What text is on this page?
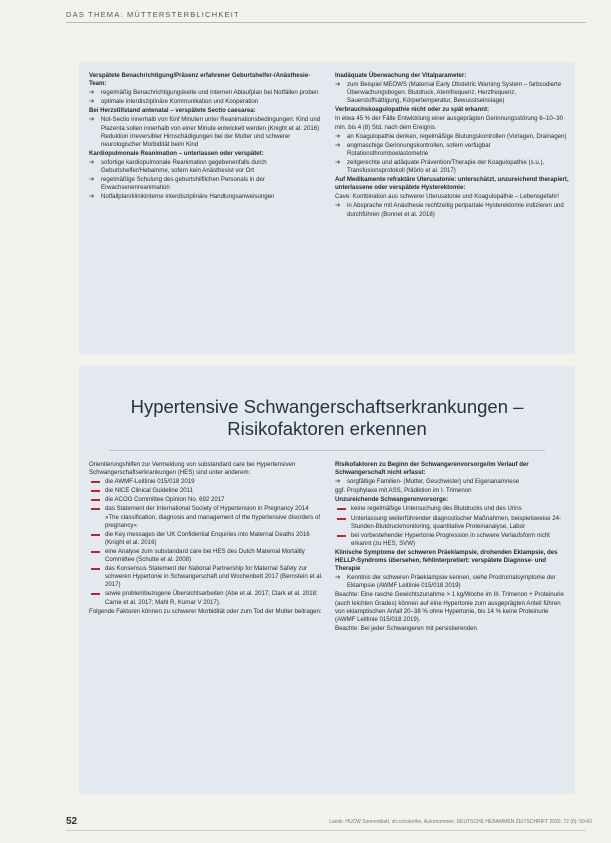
DAS THEMA: MÜTTERSTERBLICHKEIT
Verspätete Benachrichtigung/Präsenz erfahrener Geburtshelfer-/Anästhesie-Team:
➔ regelmäßig Benachrichtigungskette und internen Ablaufplan bei Notfällen proben
➔ optimale interdisziplinäre Kommunikation und Kooperation
Bei Herzstillstand antenatal – verspätete Sectio caesarea:
➔ Not-Sectio innerhalb von fünf Minuten unter Reanimationsbedingungen: Kind und Plazenta sollen innerhalb von einer Minute entwickelt werden (Knight et al. 2016) Reduktion irreversibler Hirnschädigungen bei der Mutter und schwerer neurologischer Morbidität beim Kind
Kardiopulmonale Reanimation – unterlassen oder verspätet:
➔ sofortige kardiopulmonale Reanimation gegebenenfalls durch Geburtshelfer/Hebamme, sofern kein Anästhesist vor Ort
➔ regelmäßige Schulung des geburtshilflichen Personals in der Erwachsenenreanimation
➔ Notfallplan/klinikinterne interdisziplinäre Handlungsanweisungen
Inadäquate Überwachung der Vitalparameter:
➔ zum Beispiel MEOWS (Maternal Early Obstetric Warning System – farbcodierte Überwachungsbogen: Blutdruck, Atemfrequenz, Herzfrequenz, Sauerstoffsättigung, Körpertemperatur, Bewusstseinslage)
Verbrauchskoagulopathie nicht oder zu spät erkannt:
In etwa 45 % der Fälle Entwicklung einer ausgeprägten Gerinnungsstörung 6–10–30 min. bis 4 (8) Std. nach dem Ereignis.
➔ an Koagulopathie denken, regelmäßige Blutungskontrollen (Vorlagen, Drainagen)
➔ engmaschige Gerinnungskontrollen, sofern verfügbar Rotationsthromboelastometrie
➔ zeitgerechte und adäquate Prävention/Therapie der Koagulopathie (s.u.), Transfusionsprotokoll (Mörlo et al. 2017)
Auf Medikamente refraktäre Uterusatonie: unterschätzt, unzureichend therapiert, unterlassene oder verspätete Hysterektomie:
Cave: Kombination aus schwerer Uterusatonie und Koagulopathie – Lebensgefahr!
➔ in Absprache mit Anästhesie rechtzeitig peripartale Hysterektomie indizieren und durchführen (Bonnet et al. 2018)
Hypertensive Schwangerschaftserkrankungen –
Risikofaktoren erkennen
Orientierungshilfen zur Vermeidung von substandard care bei Hypertensiven Schwangerschaftserkrankungen (HES) sind unter anderem:
die AWMF-Leitlinie 015/018 2019
die NICE Clinical Guideline 2011
die ACOG Committee Opinion No. 692 2017
das Statement der International Society of Hypertension in Pregnancy 2014 »The classification, diagnosis and management of the hypertensive disorders of pregnancy«
die Key messages der UK Confidential Enquiries into Maternal Deaths 2016 (Knight et al. 2016)
eine Analyse zum substandard care bei HES des Dutch Maternal Mortality Committee (Schutte et al. 2008)
das Konsensus Statement der National Partnership for Maternal Safety zur schweren Hypertonie in Schwangerschaft und Wochenbett 2017 (Bernstein et al. 2017)
sowie problembezogene Übersichtsarbeiten (Abe et al. 2017; Clark et al. 2018; Carne et al. 2017; Mahl R, Kumar V 2017).
Folgende Faktoren können zu schwerer Morbidität oder zum Tod der Mutter beitragen:
Risikofaktoren zu Beginn der Schwangerenvorsorge/im Verlauf der Schwangerschaft nicht erfasst:
➔ sorgfältige Familien- (Mutter, Geschwister) und Eigenanamnese
ggf. Prophylaxe mit ASS, Prädiktion im I. Trimenon
Unzureichende Schwangerenvorsorge:
keine regelmäßige Untersuchung des Blutdrucks und des Urins
Unterlassung weiterführender diagnostischer Maßnahmen, beispielsweise 24-Stunden-Blutdruckmonitoring, quantitative Proteinanalyse, Labor
bei vorbestehender Hypertonie Progression in schwere Verlaufsform nicht erkannt (zu HES, SVW)
Klinische Symptome der schweren Präeklampsie, drohenden Eklampsie, des HELLP-Syndroms übersehen, fehlinterpretiert: verspätete Diagnose- und Therapie
➔ Kenntnis der schweren Präeklampsie kennen, siehe Prodromalsymptome der Eklampsie (AWMF Leitlinie 015/018 2019)
Beachte: Eine rasche Gewichtszunahme > 1 kg/Woche im III. Trimenon + Proteinurie (auch leichten Grades) können auf eine Hypertonie zum ausgeprägten Anteil führen von eklamptischen Anfall 20–38 % ohne Hypertonie, bis 14 % keine Proteinurie (AWMF Leitlinie 015/018 2019).
Beachte: Bei jeder Schwangeren mit persistierenden
52	Lamik: HUCW Sonnenblatt, sh.scholertler, Autornummer, DEUTSCHE HEBAMMEN ZEITSCHRIFT 2020, 72 (6): 50-60
